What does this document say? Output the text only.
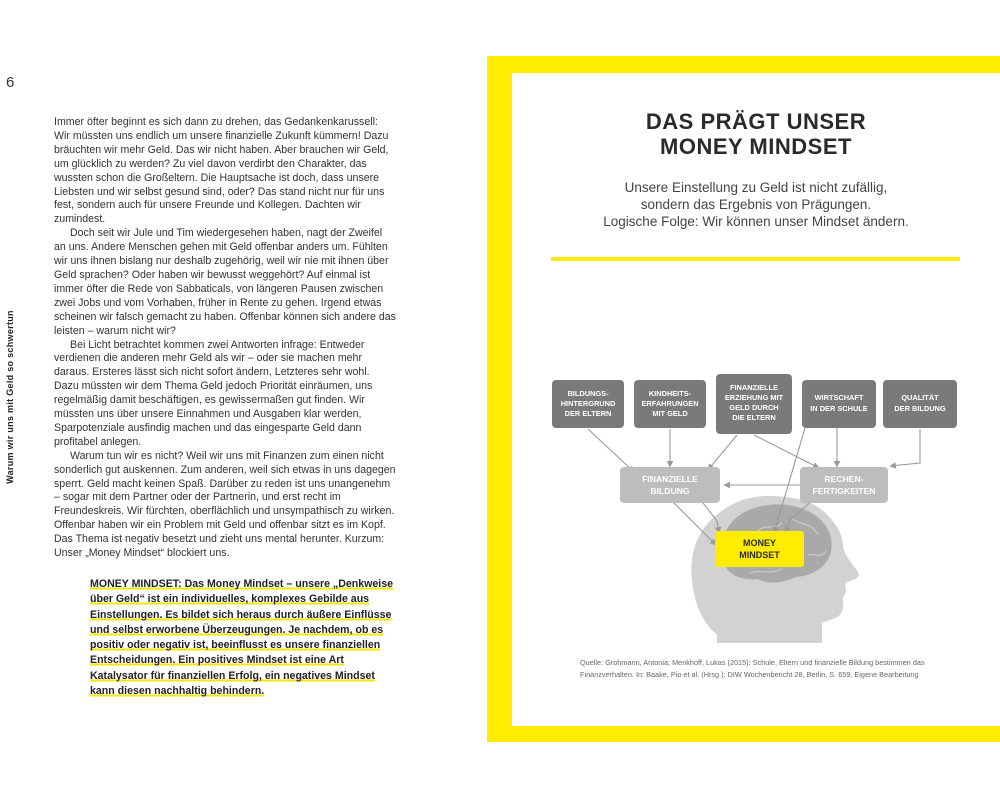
6
Warum wir uns mit Geld so schwertun

Immer öfter beginnt es sich dann zu drehen, das Gedankenkarussell: Wir müssten uns endlich um unsere finanzielle Zukunft kümmern! Dazu bräuchten wir mehr Geld. Das wir nicht haben. Aber brauchen wir Geld, um glücklich zu werden? Zu viel davon verdirbt den Charakter, das wussten schon die Großeltern. Die Hauptsache ist doch, dass unsere Liebsten und wir selbst gesund sind, oder? Das stand nicht nur für uns fest, sondern auch für unsere Freunde und Kollegen. Dachten wir zumindest.

Doch seit wir Jule und Tim wiedergesehen haben, nagt der Zweifel an uns. Andere Menschen gehen mit Geld offenbar anders um. Fühlten wir uns ihnen bislang nur deshalb zugehörig, weil wir nie mit ihnen über Geld sprachen? Oder haben wir bewusst weggehört? Auf einmal ist immer öfter die Rede von Sabbaticals, von längeren Pausen zwischen zwei Jobs und vom Vorhaben, früher in Rente zu gehen. Irgend etwas scheinen wir falsch gemacht zu haben. Offenbar können sich andere das leisten – warum nicht wir?

Bei Licht betrachtet kommen zwei Antworten infrage: Entweder verdienen die anderen mehr Geld als wir – oder sie machen mehr daraus. Ersteres lässt sich nicht sofort ändern, Letzteres sehr wohl. Dazu müssten wir dem Thema Geld jedoch Priorität einräumen, uns regelmäßig damit beschäftigen, es gewissermaßen gut finden. Wir müssten uns über unsere Einnahmen und Ausgaben klar werden, Sparpotenziale ausfindig machen und das eingesparte Geld dann profitabel anlegen.

Warum tun wir es nicht? Weil wir uns mit Finanzen zum einen nicht sonderlich gut auskennen. Zum anderen, weil sich etwas in uns dagegen sperrt. Geld macht keinen Spaß. Darüber zu reden ist uns unangenehm – sogar mit dem Partner oder der Partnerin, und erst recht im Freundeskreis. Wir fürchten, oberflächlich und unsympathisch zu wirken. Offenbar haben wir ein Problem mit Geld und offenbar sitzt es im Kopf. Das Thema ist negativ besetzt und zieht uns mental herunter. Kurzum: Unser „Money Mindset“ blockiert uns.

MONEY MINDSET: Das Money Mindset – unsere „Denkweise über Geld“ ist ein individuelles, komplexes Gebilde aus Einstellungen. Es bildet sich heraus durch äußere Einflüsse und selbst erworbene Überzeugungen. Je nachdem, ob es positiv oder negativ ist, beeinflusst es unsere finanziellen Entscheidungen. Ein positives Mindset ist eine Art Katalysator für finanziellen Erfolg, ein negatives Mindset kann diesen nachhaltig behindern.
DAS PRÄGT UNSER
MONEY MINDSET
Unsere Einstellung zu Geld ist nicht zufällig,
sondern das Ergebnis von Prägungen.
Logische Folge: Wir können unser Mindset ändern.
BILDUNGS-
HINTERGRUND
DER ELTERN
KINDHEITS-
ERFAHRUNGEN
MIT GELD
FINANZIELLE
ERZIEHUNG MIT
GELD DURCH
DIE ELTERN
WIRTSCHAFT
IN DER SCHULE
QUALITÄT
DER BILDUNG
FINANZIELLE
BILDUNG
RECHEN-
FERTIGKEITEN
MONEY
MINDSET
Quelle: Grohmann, Antonia; Menkhoff, Lukas (2015): Schule, Eltern und finanzielle Bildung bestimmen das
Finanzverhalten. In: Baake, Pio et al. (Hrsg.): DIW Wochenbericht 28, Berlin, S. 659. Eigene Bearbeitung
